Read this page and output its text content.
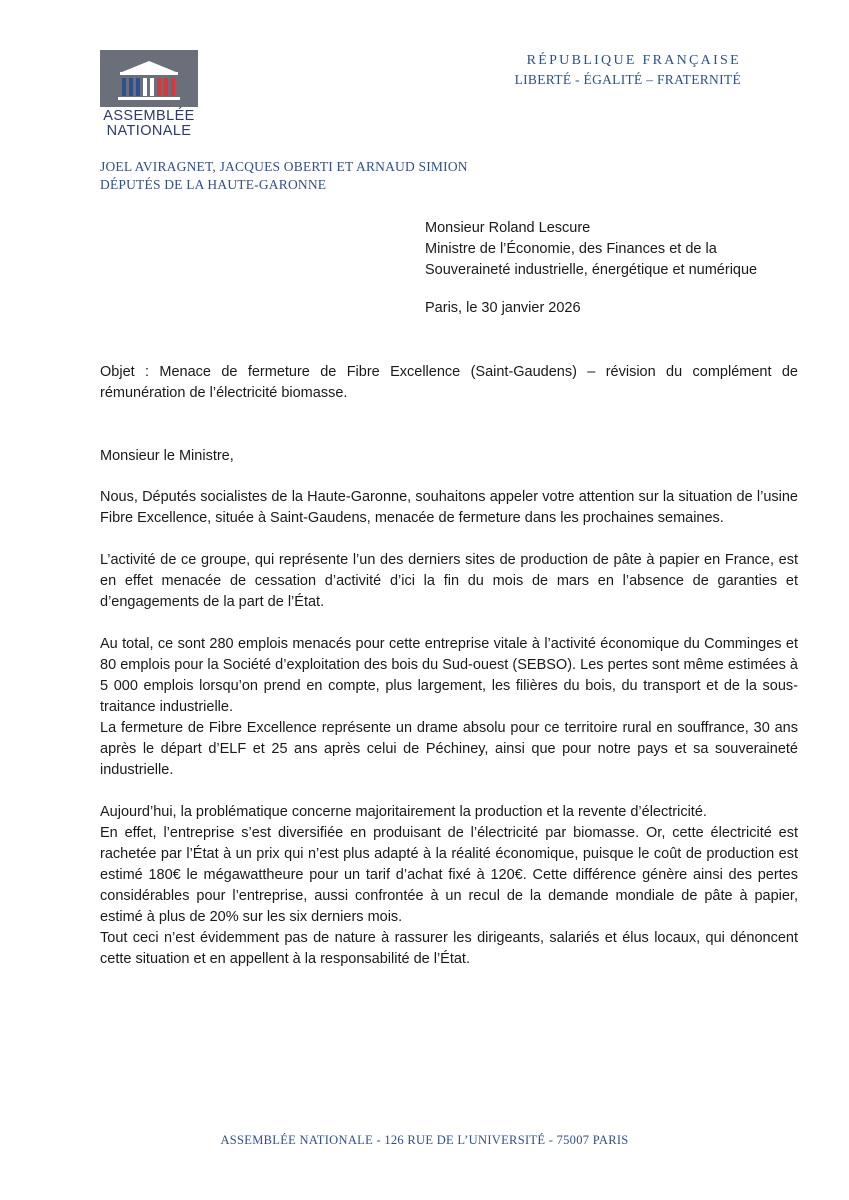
ASSEMBLÉE
NATIONALE
RÉPUBLIQUE FRANÇAISE
LIBERTÉ - ÉGALITÉ – FRATERNITÉ
JOEL AVIRAGNET, JACQUES OBERTI ET ARNAUD SIMION
DÉPUTÉS DE LA HAUTE-GARONNE
Monsieur Roland Lescure
Ministre de l’Économie, des Finances et de la
Souveraineté industrielle, énergétique et numérique
Paris, le 30 janvier 2026
Objet : Menace de fermeture de Fibre Excellence (Saint-Gaudens) – révision du complément de rémunération de l’électricité biomasse.
Monsieur le Ministre,

Nous, Députés socialistes de la Haute-Garonne, souhaitons appeler votre attention sur la situation de l’usine Fibre Excellence, située à Saint-Gaudens, menacée de fermeture dans les prochaines semaines.

L’activité de ce groupe, qui représente l’un des derniers sites de production de pâte à papier en France, est en effet menacée de cessation d’activité d’ici la fin du mois de mars en l’absence de garanties et d’engagements de la part de l’État.

Au total, ce sont 280 emplois menacés pour cette entreprise vitale à l’activité économique du Comminges et 80 emplois pour la Société d’exploitation des bois du Sud-ouest (SEBSO). Les pertes sont même estimées à 5 000 emplois lorsqu’on prend en compte, plus largement, les filières du bois, du transport et de la sous-traitance industrielle.

La fermeture de Fibre Excellence représente un drame absolu pour ce territoire rural en souffrance, 30 ans après le départ d’ELF et 25 ans après celui de Péchiney, ainsi que pour notre pays et sa souveraineté industrielle.

Aujourd’hui, la problématique concerne majoritairement la production et la revente d’électricité.

En effet, l’entreprise s’est diversifiée en produisant de l’électricité par biomasse. Or, cette électricité est rachetée par l’État à un prix qui n’est plus adapté à la réalité économique, puisque le coût de production est estimé 180€ le mégawattheure pour un tarif d’achat fixé à 120€. Cette différence génère ainsi des pertes considérables pour l’entreprise, aussi confrontée à un recul de la demande mondiale de pâte à papier, estimé à plus de 20% sur les six derniers mois.

Tout ceci n’est évidemment pas de nature à rassurer les dirigeants, salariés et élus locaux, qui dénoncent cette situation et en appellent à la responsabilité de l’État.

ASSEMBLÉE NATIONALE - 126 RUE DE L’UNIVERSITÉ - 75007 PARIS
